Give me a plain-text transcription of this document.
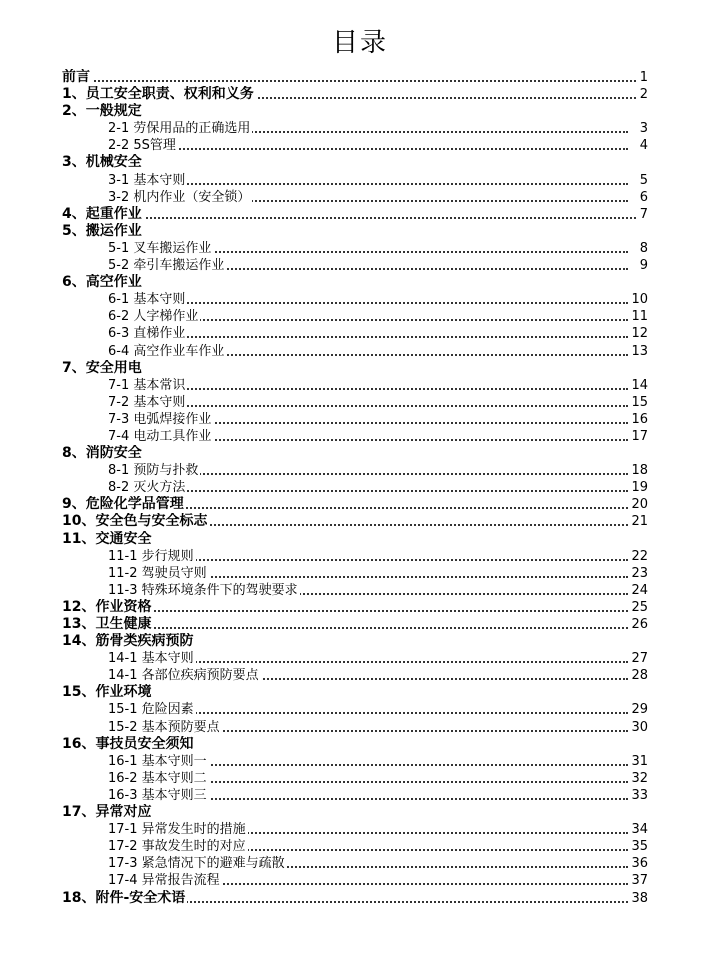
目录
前言	1
1、员工安全职责、权利和义务	2
2、一般规定
2-1 劳保用品的正确选用	3
2-2 5S管理	4
3、机械安全
3-1 基本守则	5
3-2 机内作业（安全锁）	6
4、起重作业	7
5、搬运作业
5-1 叉车搬运作业	8
5-2 牵引车搬运作业	9
6、高空作业
6-1 基本守则	10
6-2 人字梯作业	11
6-3 直梯作业	12
6-4 高空作业车作业	13
7、安全用电
7-1 基本常识	14
7-2 基本守则	15
7-3 电弧焊接作业	16
7-4 电动工具作业	17
8、消防安全
8-1 预防与扑救	18
8-2 灭火方法	19
9、危险化学品管理	20
10、安全色与安全标志	21
11、交通安全
11-1 步行规则	22
11-2 驾驶员守则	23
11-3 特殊环境条件下的驾驶要求	24
12、作业资格	25
13、卫生健康	26
14、筋骨类疾病预防
14-1 基本守则	27
14-1 各部位疾病预防要点	28
15、作业环境
15-1 危险因素	29
15-2 基本预防要点	30
16、事技员安全须知
16-1 基本守则一	31
16-2 基本守则二	32
16-3 基本守则三	33
17、异常对应
17-1 异常发生时的措施	34
17-2 事故发生时的对应	35
17-3 紧急情况下的避难与疏散	36
17-4 异常报告流程	37
18、附件-安全术语	38
